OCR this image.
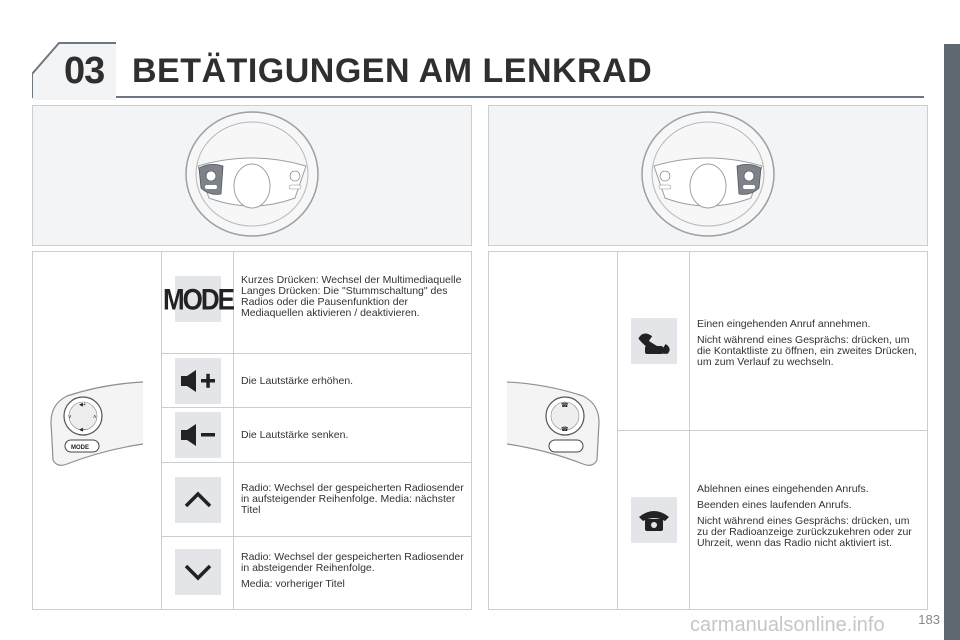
03 BETÄTIGUNGEN AM LENKRAD
◀+
◀−
˅	˄
MODE
MODE

Kurzes Drücken: Wechsel der Multimediaquelle Langes Drücken: Die "Stummschaltung" des Radios oder die Pausenfunktion der Mediaquellen aktivieren / deaktivieren.

Die Lautstärke erhöhen.
Die Lautstärke senken.
Radio: Wechsel der gespeicherten Radiosender in aufsteigender Reihenfolge. Media: nächster Titel

Radio: Wechsel der gespeicherten Radiosender in absteigender Reihenfolge.

Media: vorheriger Titel

☎
☎

Einen eingehenden Anruf annehmen.

Nicht während eines Gesprächs: drücken, um die Kontaktliste zu öffnen, ein zweites Drücken, um zum Verlauf zu wechseln.

Ablehnen eines eingehenden Anrufs.

Beenden eines laufenden Anrufs.

Nicht während eines Gesprächs: drücken, um zu der Radioanzeige zurückzukehren oder zur Uhrzeit, wenn das Radio nicht aktiviert ist.

183
carmanualsonline.info
